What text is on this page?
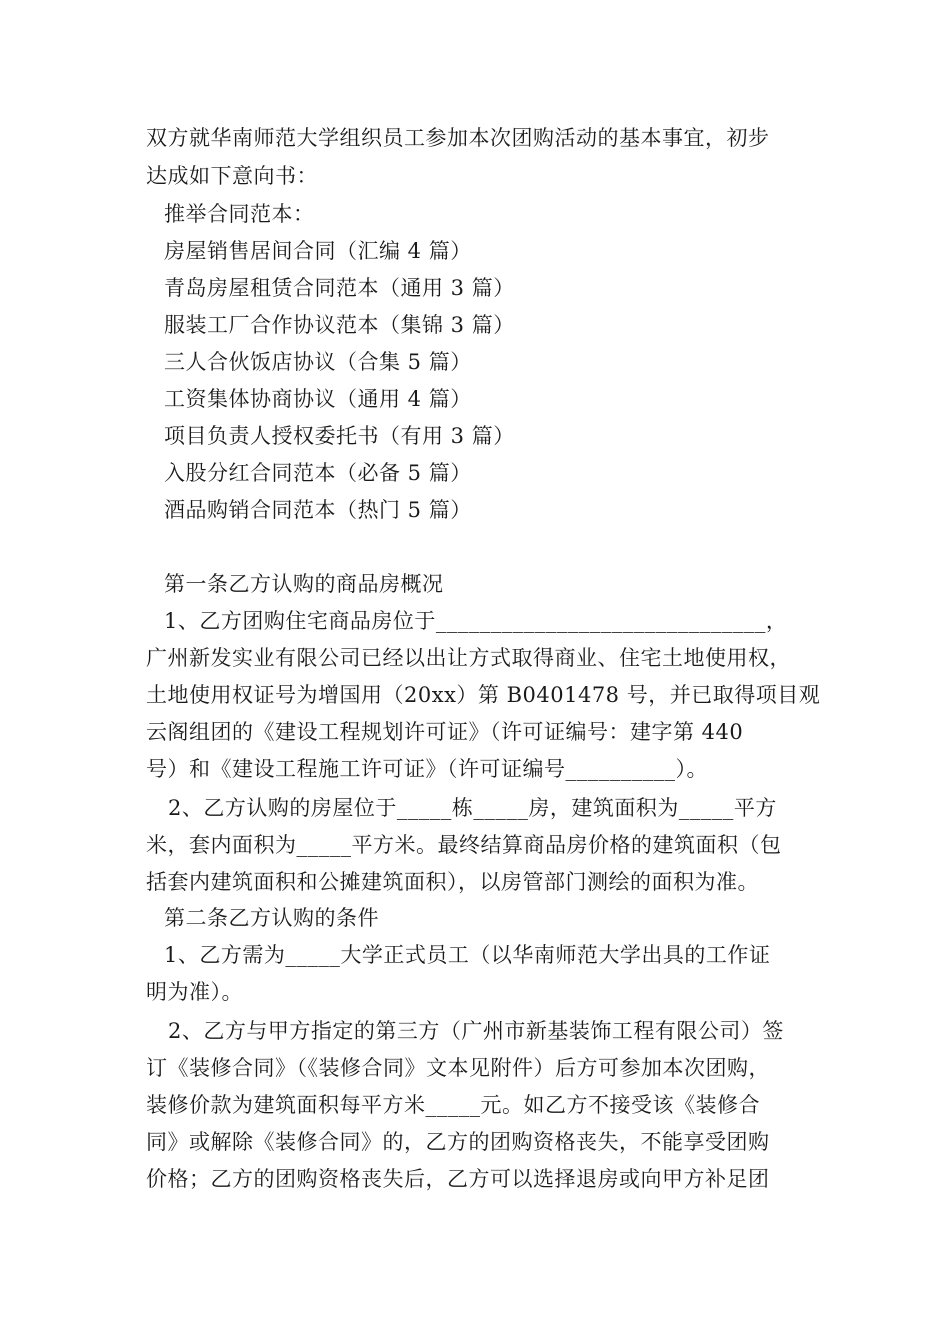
双方就华南师范大学组织员工参加本次团购活动的基本事宜，初步
达成如下意向书：
推举合同范本：
房屋销售居间合同（汇编 4 篇）
青岛房屋租赁合同范本（通用 3 篇）
服装工厂合作协议范本（集锦 3 篇）
三人合伙饭店协议（合集 5 篇）
工资集体协商协议（通用 4 篇）
项目负责人授权委托书（有用 3 篇）
入股分红合同范本（必备 5 篇）
酒品购销合同范本（热门 5 篇）
第一条乙方认购的商品房概况
1、乙方团购住宅商品房位于______________________________，
广州新发实业有限公司已经以出让方式取得商业、住宅土地使用权，
土地使用权证号为增国用（20xx）第 B0401478 号，并已取得项目观
云阁组团的《建设工程规划许可证》（许可证编号：建字第 440
号）和《建设工程施工许可证》（许可证编号__________）。
2、乙方认购的房屋位于_____栋_____房，建筑面积为_____平方
米，套内面积为_____平方米。最终结算商品房价格的建筑面积（包
括套内建筑面积和公摊建筑面积），以房管部门测绘的面积为准。
第二条乙方认购的条件
1、乙方需为_____大学正式员工（以华南师范大学出具的工作证
明为准）。
2、乙方与甲方指定的第三方（广州市新基装饰工程有限公司）签
订《装修合同》（《装修合同》文本见附件）后方可参加本次团购，
装修价款为建筑面积每平方米_____元。如乙方不接受该《装修合
同》或解除《装修合同》的，乙方的团购资格丧失，不能享受团购
价格；乙方的团购资格丧失后，乙方可以选择退房或向甲方补足团
